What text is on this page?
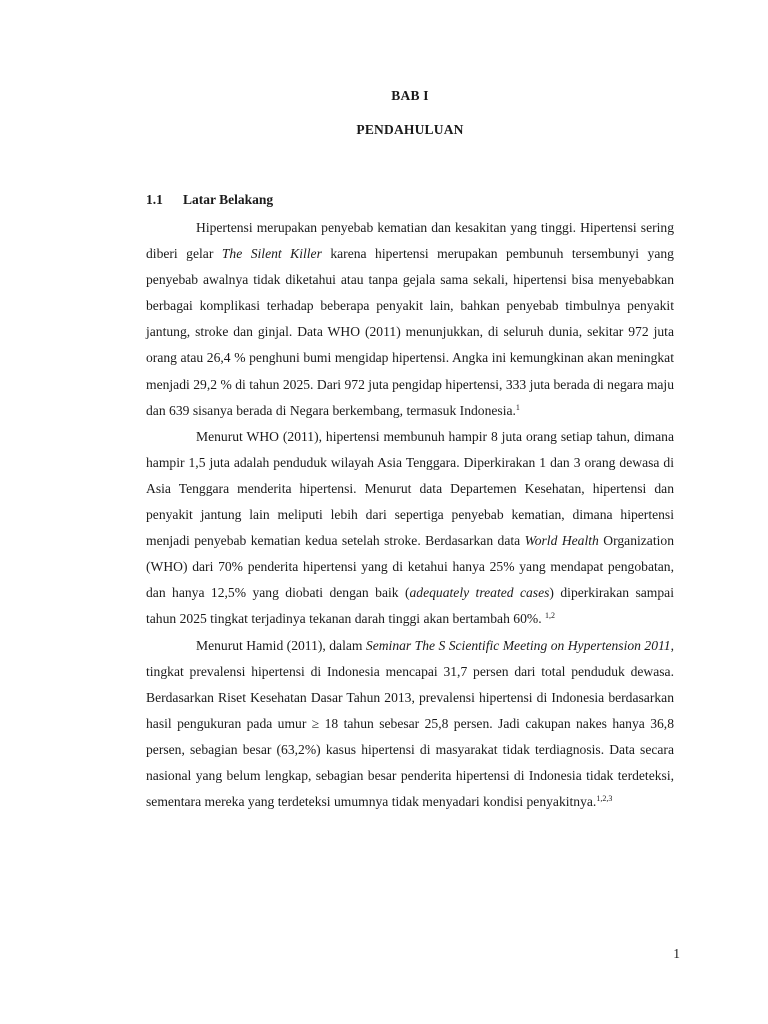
BAB I
PENDAHULUAN
1.1 Latar Belakang

Hipertensi merupakan penyebab kematian dan kesakitan yang tinggi. Hipertensi sering diberi gelar The Silent Killer karena hipertensi merupakan pembunuh tersembunyi yang penyebab awalnya tidak diketahui atau tanpa gejala sama sekali, hipertensi bisa menyebabkan berbagai komplikasi terhadap beberapa penyakit lain, bahkan penyebab timbulnya penyakit jantung, stroke dan ginjal. Data WHO (2011) menunjukkan, di seluruh dunia, sekitar 972 juta orang atau 26,4 % penghuni bumi mengidap hipertensi. Angka ini kemungkinan akan meningkat menjadi 29,2 % di tahun 2025. Dari 972 juta pengidap hipertensi, 333 juta berada di negara maju dan 639 sisanya berada di Negara berkembang, termasuk Indonesia.$^1$

Menurut WHO (2011), hipertensi membunuh hampir 8 juta orang setiap tahun, dimana hampir 1,5 juta adalah penduduk wilayah Asia Tenggara. Diperkirakan 1 dan 3 orang dewasa di Asia Tenggara menderita hipertensi. Menurut data Departemen Kesehatan, hipertensi dan penyakit jantung lain meliputi lebih dari sepertiga penyebab kematian, dimana hipertensi menjadi penyebab kematian kedua setelah stroke. Berdasarkan data World Health Organization (WHO) dari 70% penderita hipertensi yang di ketahui hanya 25% yang mendapat pengobatan, dan hanya 12,5% yang diobati dengan baik (adequately treated cases) diperkirakan sampai tahun 2025 tingkat terjadinya tekanan darah tinggi akan bertambah 60%. $^{1,2}$

Menurut Hamid (2011), dalam Seminar The S Scientific Meeting on Hypertension 2011, tingkat prevalensi hipertensi di Indonesia mencapai 31,7 persen dari total penduduk dewasa. Berdasarkan Riset Kesehatan Dasar Tahun 2013, prevalensi hipertensi di Indonesia berdasarkan hasil pengukuran pada umur ≥ 18 tahun sebesar 25,8 persen. Jadi cakupan nakes hanya 36,8 persen, sebagian besar (63,2%) kasus hipertensi di masyarakat tidak terdiagnosis. Data secara nasional yang belum lengkap, sebagian besar penderita hipertensi di Indonesia tidak terdeteksi, sementara mereka yang terdeteksi umumnya tidak menyadari kondisi penyakitnya.$^{1,2,3}$

1
